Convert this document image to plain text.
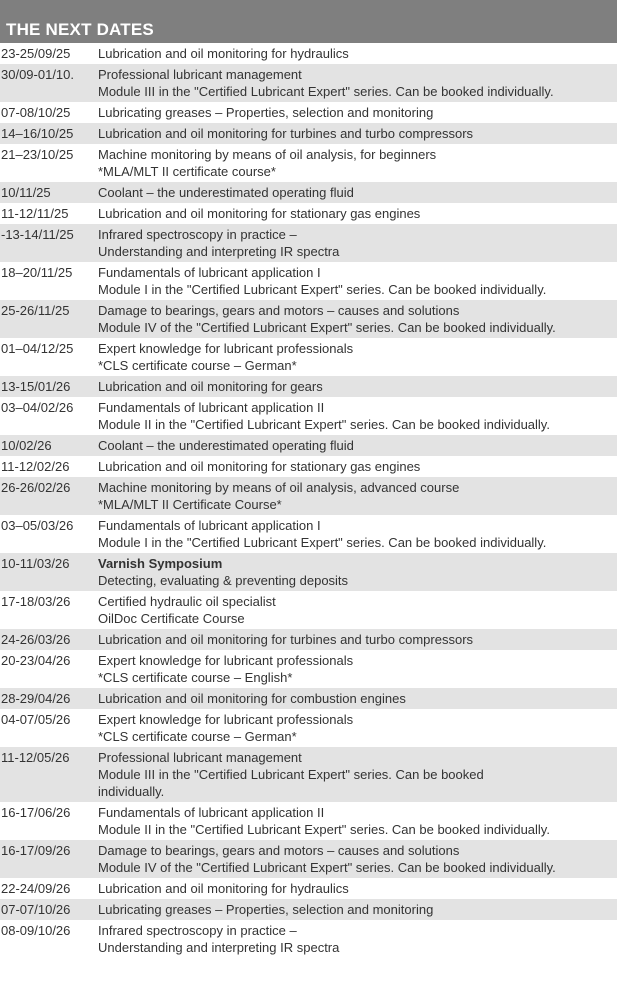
THE NEXT DATES
23-25/09/25	Lubrication and oil monitoring for hydraulics
30/09-01/10.	Professional lubricant management
Module III in the "Certified Lubricant Expert" series. Can be booked individually.
07-08/10/25	Lubricating greases – Properties, selection and monitoring
14–16/10/25	Lubrication and oil monitoring for turbines and turbo compressors
21–23/10/25	Machine monitoring by means of oil analysis, for beginners
*MLA/MLT II certificate course*
10/11/25	Coolant – the underestimated operating fluid
11-12/11/25	Lubrication and oil monitoring for stationary gas engines
-13-14/11/25	Infrared spectroscopy in practice –
Understanding and interpreting IR spectra
18–20/11/25	Fundamentals of lubricant application I
Module I in the "Certified Lubricant Expert" series. Can be booked individually.
25-26/11/25	Damage to bearings, gears and motors – causes and solutions
Module IV of the "Certified Lubricant Expert" series. Can be booked individually.
01–04/12/25	Expert knowledge for lubricant professionals
*CLS certificate course – German*
13-15/01/26	Lubrication and oil monitoring for gears
03–04/02/26	Fundamentals of lubricant application II
Module II in the "Certified Lubricant Expert" series. Can be booked individually.
10/02/26	Coolant – the underestimated operating fluid
11-12/02/26	Lubrication and oil monitoring for stationary gas engines
26-26/02/26	Machine monitoring by means of oil analysis, advanced course
*MLA/MLT II Certificate Course*
03–05/03/26	Fundamentals of lubricant application I
Module I in the "Certified Lubricant Expert" series. Can be booked individually.
10-11/03/26	Varnish Symposium
Detecting, evaluating & preventing deposits
17-18/03/26	Certified hydraulic oil specialist
OilDoc Certificate Course
24-26/03/26	Lubrication and oil monitoring for turbines and turbo compressors
20-23/04/26	Expert knowledge for lubricant professionals
*CLS certificate course – English*
28-29/04/26	Lubrication and oil monitoring for combustion engines
04-07/05/26	Expert knowledge for lubricant professionals
*CLS certificate course – German*
11-12/05/26	Professional lubricant management
Module III in the "Certified Lubricant Expert" series. Can be booked
individually.
16-17/06/26	Fundamentals of lubricant application II
Module II in the "Certified Lubricant Expert" series. Can be booked individually.
16-17/09/26	Damage to bearings, gears and motors – causes and solutions
Module IV of the "Certified Lubricant Expert" series. Can be booked individually.
22-24/09/26	Lubrication and oil monitoring for hydraulics
07-07/10/26	Lubricating greases – Properties, selection and monitoring
08-09/10/26	Infrared spectroscopy in practice –
Understanding and interpreting IR spectra
